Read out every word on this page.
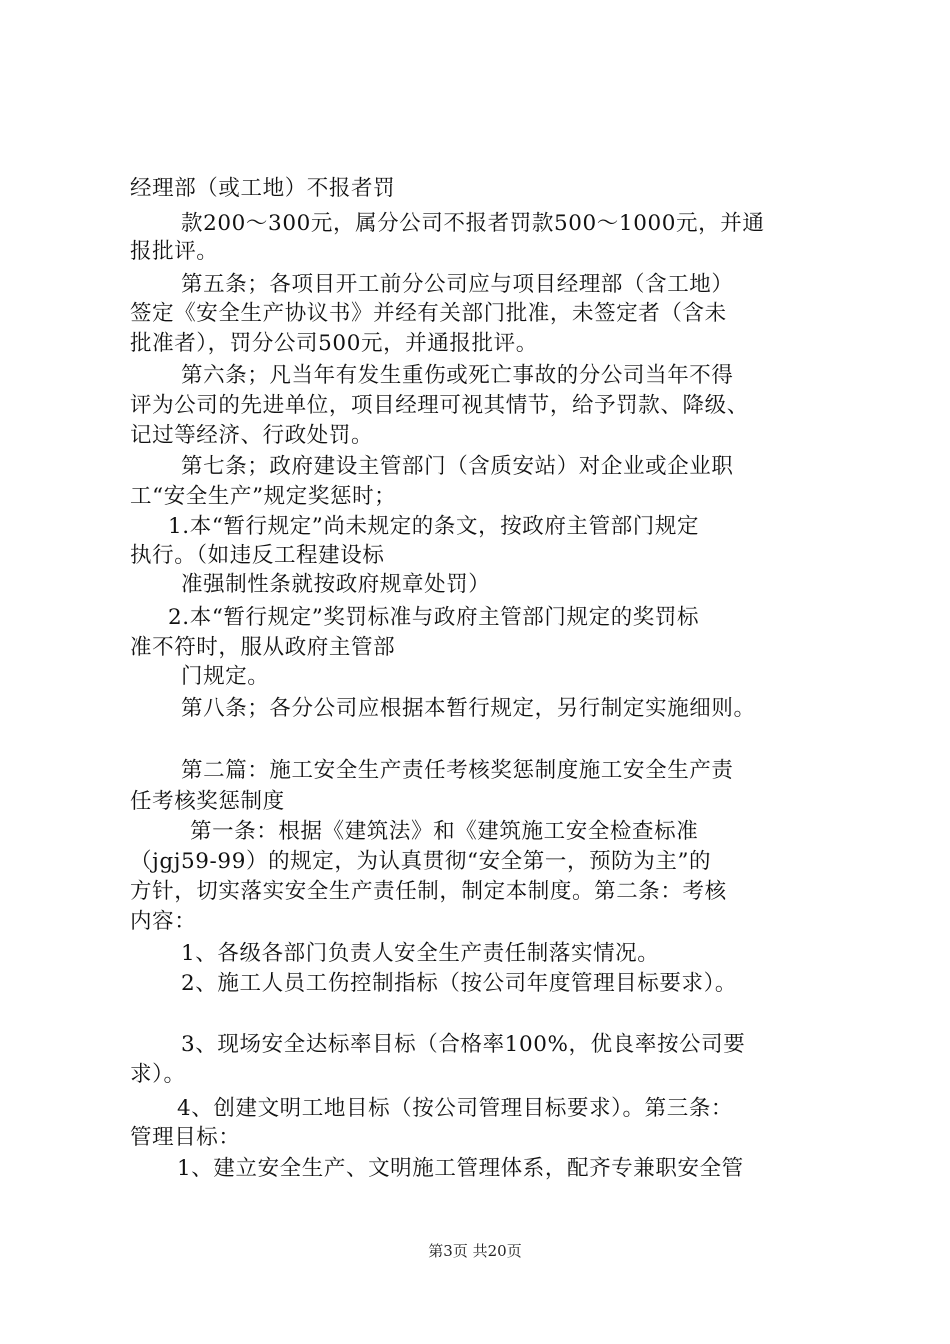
经理部（或工地）不报者罚
款200～300元，属分公司不报者罚款500～1000元，并通
报批评。
第五条；各项目开工前分公司应与项目经理部（含工地）
签定《安全生产协议书》并经有关部门批准，未签定者（含未
批准者），罚分公司500元，并通报批评。
第六条；凡当年有发生重伤或死亡事故的分公司当年不得
评为公司的先进单位，项目经理可视其情节，给予罚款、降级、
记过等经济、行政处罚。
第七条；政府建设主管部门（含质安站）对企业或企业职
工“安全生产”规定奖惩时；
1.本“暂行规定”尚未规定的条文，按政府主管部门规定
执行。（如违反工程建设标
准强制性条就按政府规章处罚）
2.本“暂行规定”奖罚标准与政府主管部门规定的奖罚标
准不符时，服从政府主管部
门规定。
第八条；各分公司应根据本暂行规定，另行制定实施细则。
第二篇：施工安全生产责任考核奖惩制度施工安全生产责
任考核奖惩制度
第一条：根据《建筑法》和《建筑施工安全检查标准
（jgj59-99）的规定，为认真贯彻“安全第一，预防为主”的
方针，切实落实安全生产责任制，制定本制度。第二条：考核
内容：
1、各级各部门负责人安全生产责任制落实情况。
2、施工人员工伤控制指标（按公司年度管理目标要求）。
3、现场安全达标率目标（合格率100%，优良率按公司要
求）。
4、创建文明工地目标（按公司管理目标要求）。第三条：
管理目标：
1、建立安全生产、文明施工管理体系，配齐专兼职安全管
第3页 共20页
